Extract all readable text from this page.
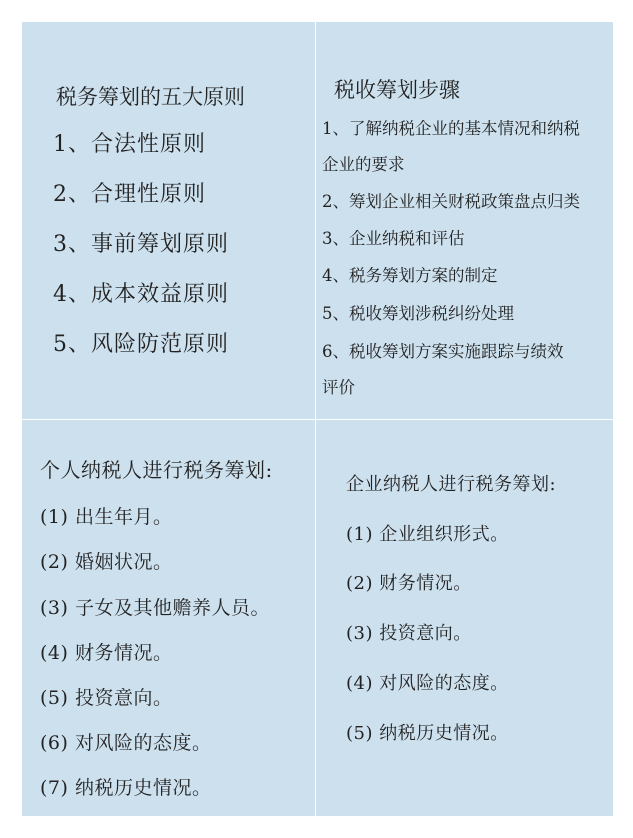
税务筹划的五大原则
1、合法性原则
2、合理性原则
3、事前筹划原则
4、成本效益原则
5、风险防范原则
税收筹划步骤
1、了解纳税企业的基本情况和纳税
企业的要求
2、筹划企业相关财税政策盘点归类
3、企业纳税和评估
4、税务筹划方案的制定
5、税收筹划涉税纠纷处理
6、税收筹划方案实施跟踪与绩效
评价
个人纳税人进行税务筹划:
(1) 出生年月。
(2) 婚姻状况。
(3) 子女及其他赡养人员。
(4) 财务情况。
(5) 投资意向。
(6) 对风险的态度。
(7) 纳税历史情况。
企业纳税人进行税务筹划:
(1) 企业组织形式。
(2) 财务情况。
(3) 投资意向。
(4) 对风险的态度。
(5) 纳税历史情况。
